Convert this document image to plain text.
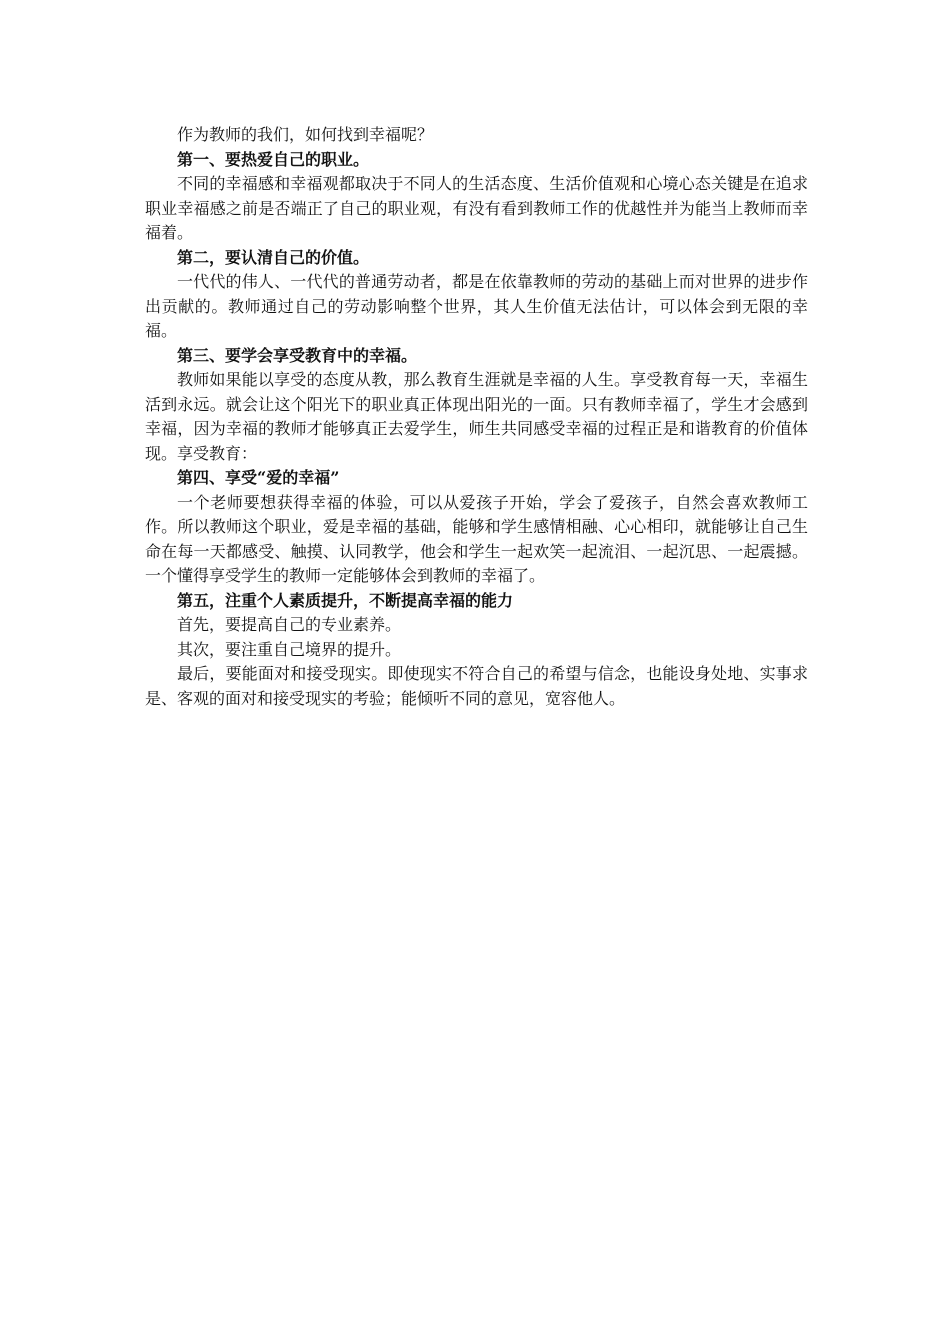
作为教师的我们，如何找到幸福呢？

第一、要热爱自己的职业。

不同的幸福感和幸福观都取决于不同人的生活态度、生活价值观和心境心态关键是在追求职业幸福感之前是否端正了自己的职业观，有没有看到教师工作的优越性并为能当上教师而幸福着。

第二，要认清自己的价值。

一代代的伟人、一代代的普通劳动者，都是在依靠教师的劳动的基础上而对世界的进步作出贡献的。教师通过自己的劳动影响整个世界，其人生价值无法估计，可以体会到无限的幸福。

第三、要学会享受教育中的幸福。

教师如果能以享受的态度从教，那么教育生涯就是幸福的人生。享受教育每一天，幸福生活到永远。就会让这个阳光下的职业真正体现出阳光的一面。只有教师幸福了，学生才会感到幸福，因为幸福的教师才能够真正去爱学生，师生共同感受幸福的过程正是和谐教育的价值体现。享受教育：

第四、享受“爱的幸福”

一个老师要想获得幸福的体验，可以从爱孩子开始，学会了爱孩子，自然会喜欢教师工作。所以教师这个职业，爱是幸福的基础，能够和学生感情相融、心心相印，就能够让自己生命在每一天都感受、触摸、认同教学，他会和学生一起欢笑一起流泪、一起沉思、一起震撼。一个懂得享受学生的教师一定能够体会到教师的幸福了。

第五，注重个人素质提升，不断提高幸福的能力

首先，要提高自己的专业素养。

其次，要注重自己境界的提升。

最后，要能面对和接受现实。即使现实不符合自己的希望与信念，也能设身处地、实事求是、客观的面对和接受现实的考验；能倾听不同的意见，宽容他人。
